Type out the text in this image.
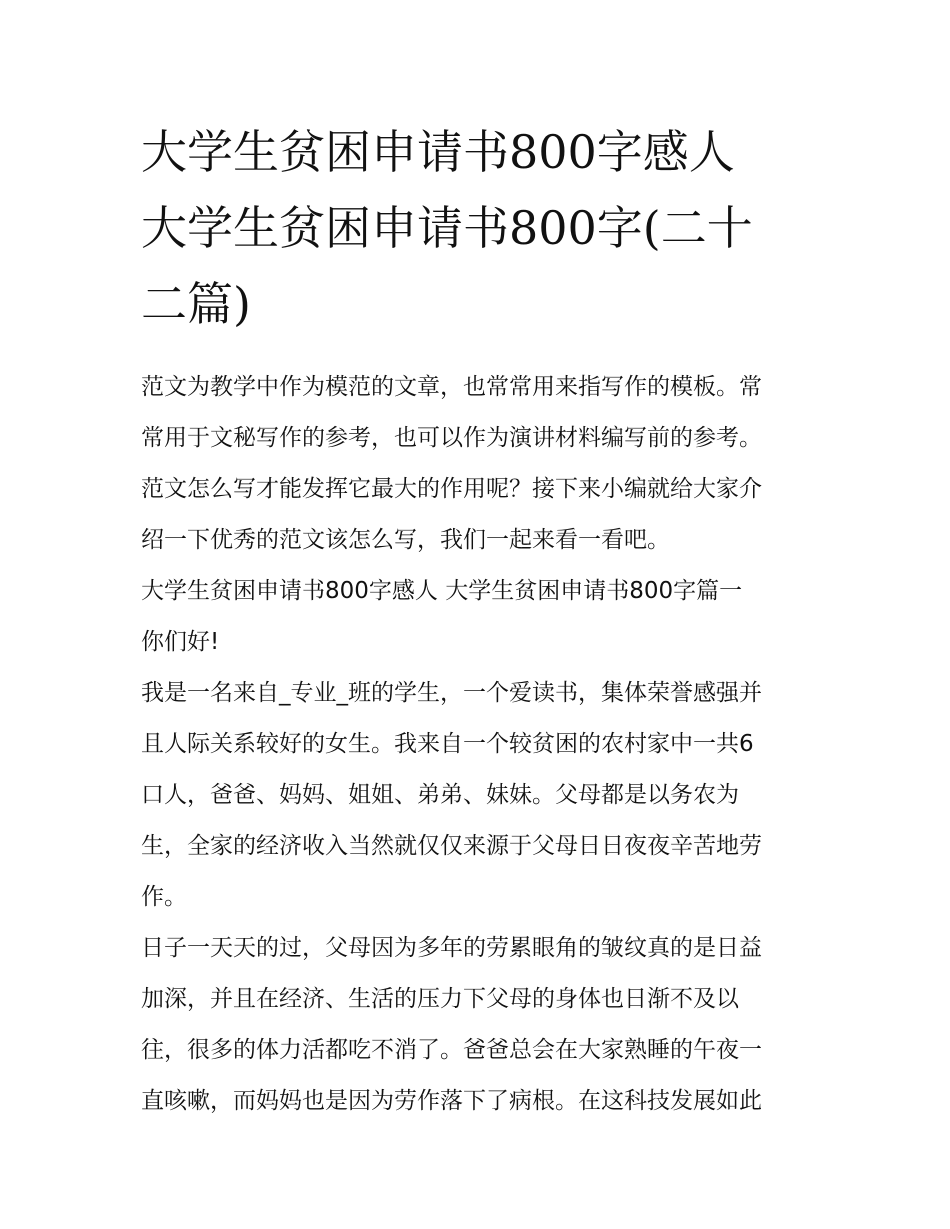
大学生贫困申请书800字感人
大学生贫困申请书800字(二十
二篇)

范文为教学中作为模范的文章，也常常用来指写作的模板。常
常用于文秘写作的参考，也可以作为演讲材料编写前的参考。
范文怎么写才能发挥它最大的作用呢？接下来小编就给大家介
绍一下优秀的范文该怎么写，我们一起来看一看吧。

大学生贫困申请书800字感人 大学生贫困申请书800字篇一

你们好!

我是一名来自_专业_班的学生，一个爱读书，集体荣誉感强并
且人际关系较好的女生。我来自一个较贫困的农村家中一共6
口人，爸爸、妈妈、姐姐、弟弟、妹妹。父母都是以务农为
生，全家的经济收入当然就仅仅来源于父母日日夜夜辛苦地劳
作。

日子一天天的过，父母因为多年的劳累眼角的皱纹真的是日益
加深，并且在经济、生活的压力下父母的身体也日渐不及以
往，很多的体力活都吃不消了。爸爸总会在大家熟睡的午夜一
直咳嗽，而妈妈也是因为劳作落下了病根。在这科技发展如此
